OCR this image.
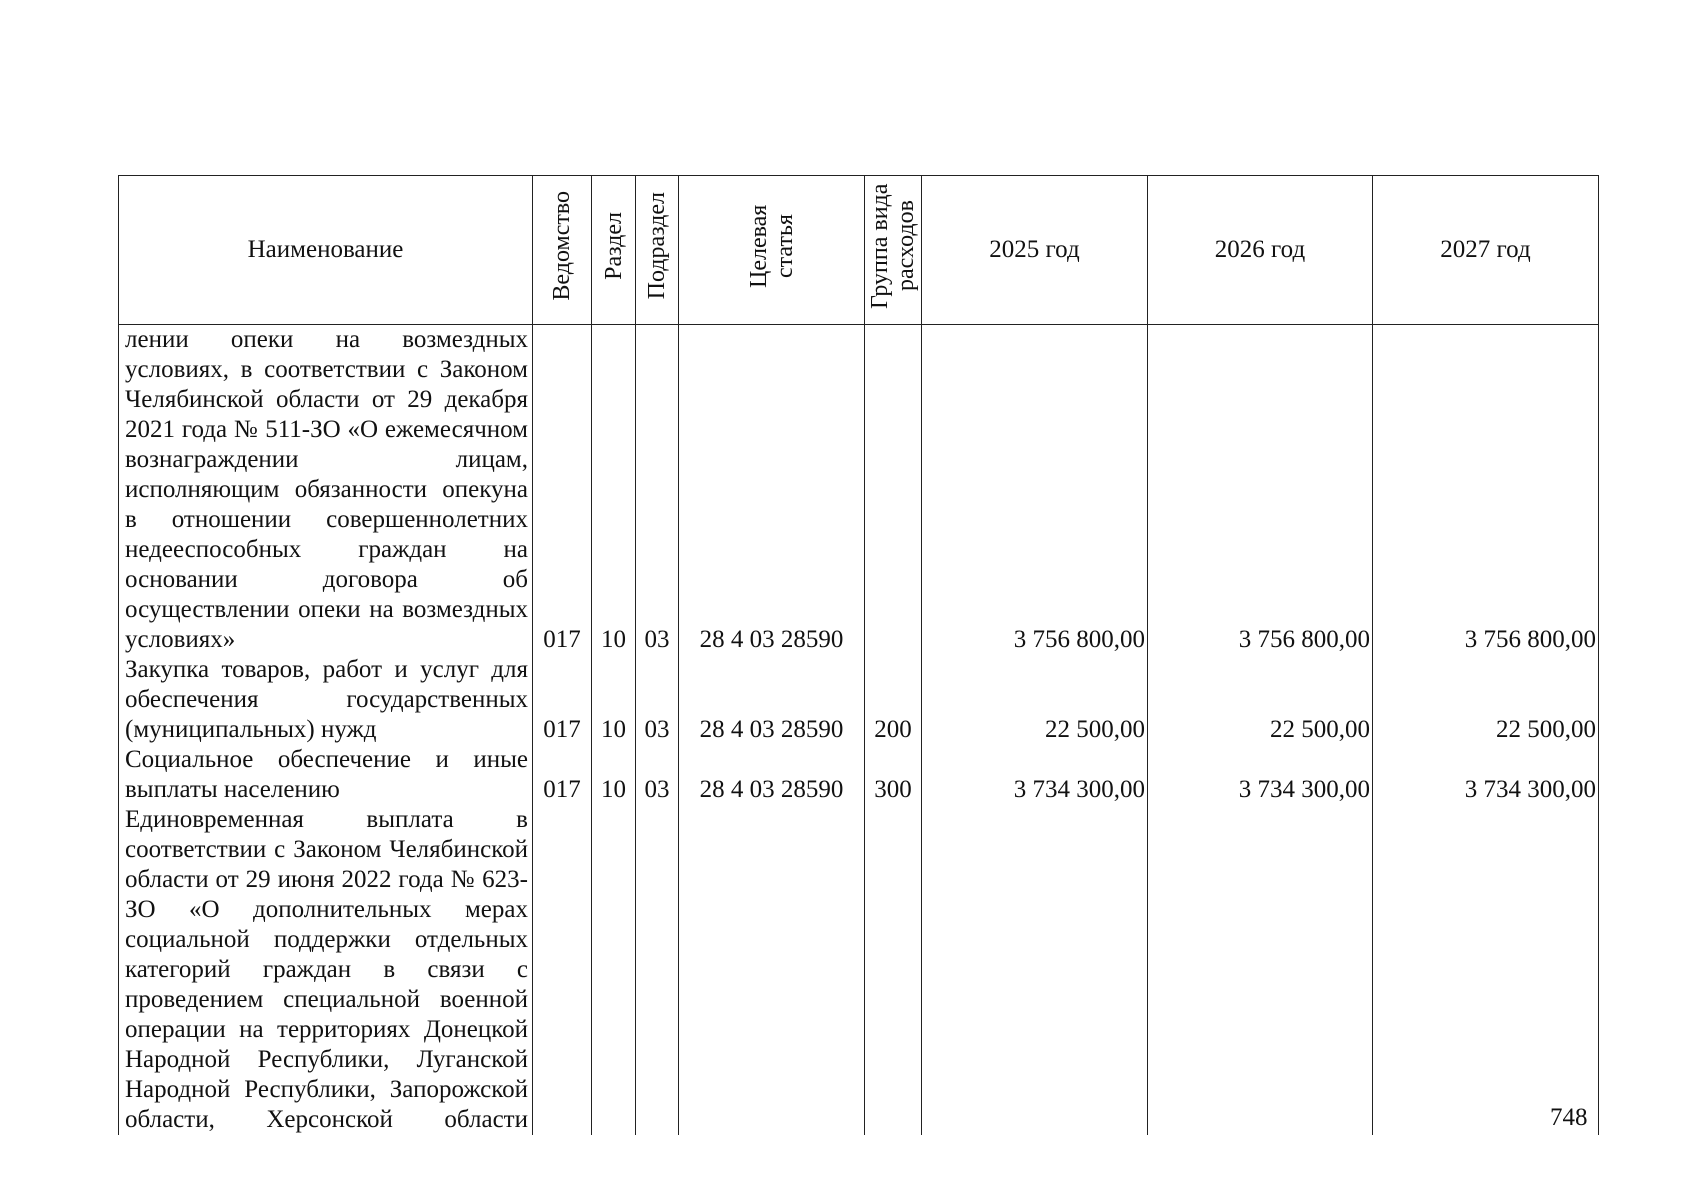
Наименование	Ведомство	Раздел	Подраздел	Целевая статья	Группа вида расходов	2025 год	2026 год	2027 год

лении опеки на возмездных условиях, в соответствии с Законом Челябинской области от 29 декабря 2021 года № 511-ЗО «О ежемесячном вознаграждении лицам, исполняющим обязанности опекуна в отношении совершеннолетних недееспособных граждан на основании договора об осуществлении опеки на возмездных условиях»	017	10	03	28 4 03 28590		3 756 800,00	3 756 800,00	3 756 800,00

Закупка товаров, работ и услуг для обеспечения государственных (муниципальных) нужд	017	10	03	28 4 03 28590	200	22 500,00	22 500,00	22 500,00

Социальное обеспечение и иные выплаты населению	017	10	03	28 4 03 28590	300	3 734 300,00	3 734 300,00	3 734 300,00

Единовременная выплата в соответствии с Законом Челябинской области от 29 июня 2022 года № 623-ЗО «О дополнительных мерах социальной поддержки отдельных категорий граждан в связи с проведением специальной военной операции на территориях Донецкой Народной Республики, Луганской Народной Республики, Запорожской области, Херсонской области								
									748
